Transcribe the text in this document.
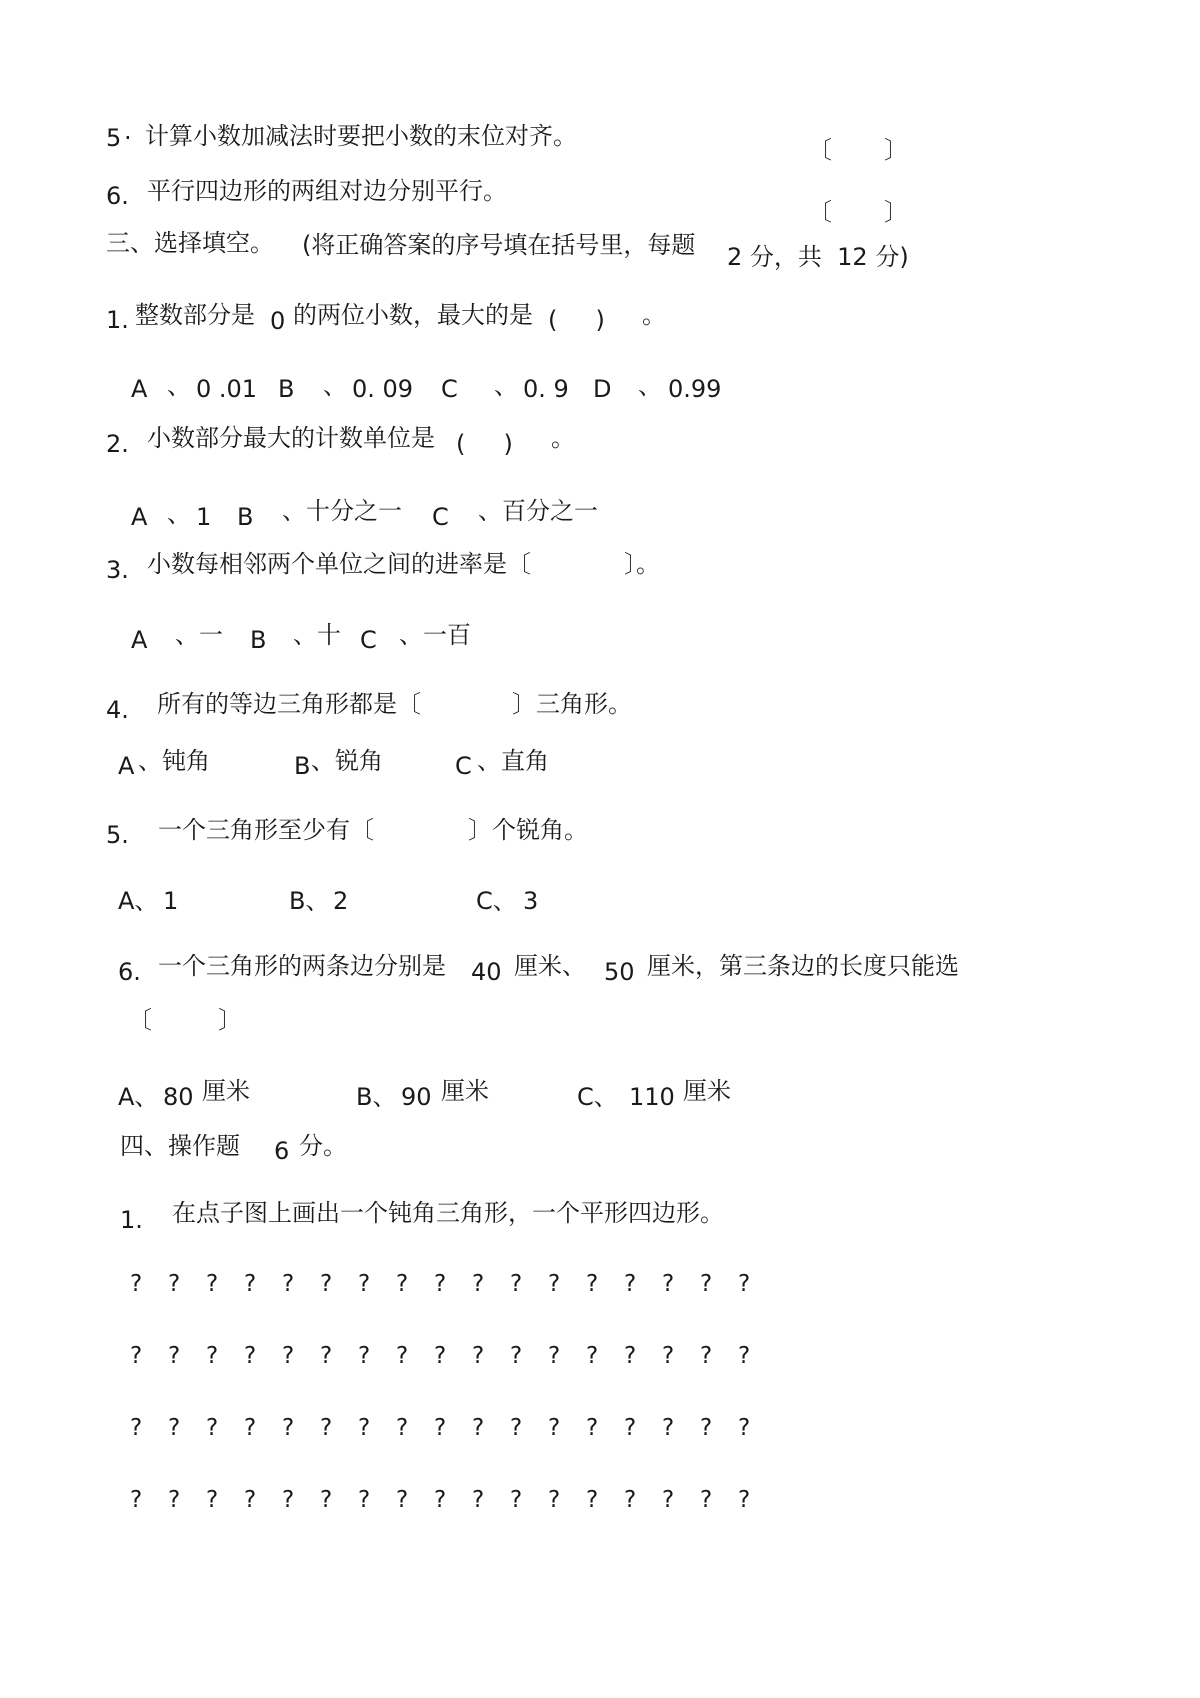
5 · 计算小数加减法时要把小数的末位对齐。	〔 〕
6. 平行四边形的两组对边分别平行。
〔 〕
三、选择填空。 (将正确答案的序号填在括号里，每题 2 分，共  12 分)
1. 整数部分是 0 的两位小数，最大的是 (     ) 。
A 、 0 .01 B 、 0. 09 C 、 0. 9 D 、 0.99
2. 小数部分最大的计数单位是 (     ) 。
A 、 1 B 、十分之一 C 、百分之一
3. 小数每相邻两个单位之间的进率是〔	〕。
A 、一 B 、十 C 、一百
4. 所有的等边三角形都是〔	〕三角形。
A 、钝角	B 、锐角	C 、直角
5. 一个三角形至少有〔	〕个锐角。
A、 1	B、 2	C、 3
6. 一个三角形的两条边分别是 40 厘米、 50 厘米，第三条边的长度只能选
〔	〕
A、 80 厘米	B、 90 厘米	C、 110 厘米
四、操作题 6 分。
1. 在点子图上画出一个钝角三角形，一个平形四边形。
? ? ? ? ? ? ? ? ? ? ? ? ? ? ? ? ?
? ? ? ? ? ? ? ? ? ? ? ? ? ? ? ? ?
? ? ? ? ? ? ? ? ? ? ? ? ? ? ? ? ?
? ? ? ? ? ? ? ? ? ? ? ? ? ? ? ? ?
